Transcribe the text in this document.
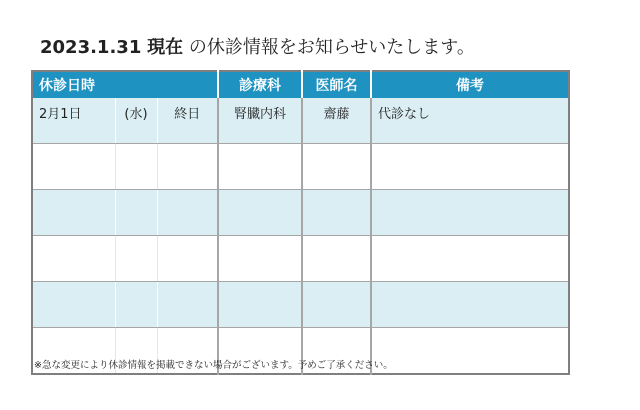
2023.1.31 現在 の休診情報をお知らせいたします。
休診日時			診療科	医師名	備考
2月1日	(水)	終日	腎臓内科	齋藤	代診なし

※急な変更により休診情報を掲載できない場合がございます。予めご了承ください。
